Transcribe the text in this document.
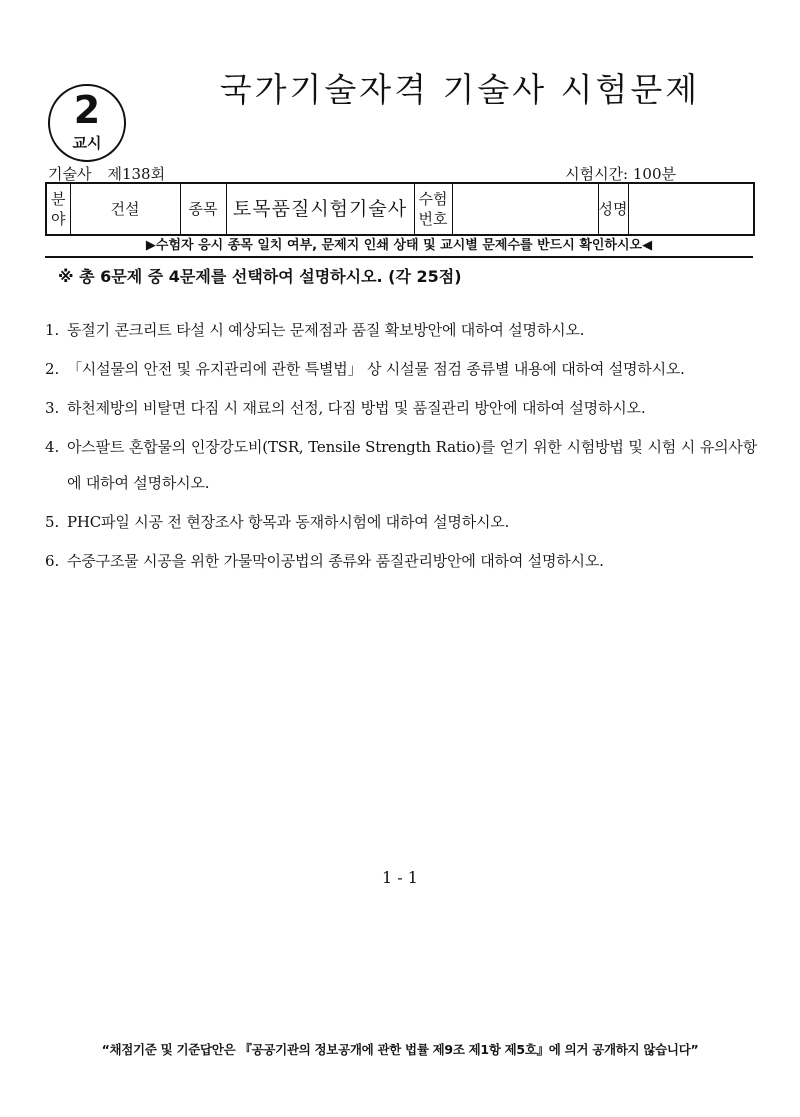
2
교시
국가기술자격 기술사 시험문제
기술사 제138회	시험시간: 100분
분야	건설	종목	토목품질시험기술사	수험번호		성명	
▶수험자 응시 종목 일치 여부, 문제지 인쇄 상태 및 교시별 문제수를 반드시 확인하시오◀
※ 총 6문제 중 4문제를 선택하여 설명하시오. (각 25점)
1. 동절기 콘크리트 타설 시 예상되는 문제점과 품질 확보방안에 대하여 설명하시오.
2. 「시설물의 안전 및 유지관리에 관한 특별법」 상 시설물 점검 종류별 내용에 대하여 설명하시오.
3. 하천제방의 비탈면 다짐 시 재료의 선정, 다짐 방법 및 품질관리 방안에 대하여 설명하시오.
4. 아스팔트 혼합물의 인장강도비(TSR, Tensile Strength Ratio)를 얻기 위한 시험방법 및 시험 시 유의사항에 대하여 설명하시오.
5. PHC파일 시공 전 현장조사 항목과 동재하시험에 대하여 설명하시오.
6. 수중구조물 시공을 위한 가물막이공법의 종류와 품질관리방안에 대하여 설명하시오.
1 - 1
“채점기준 및 기준답안은 『공공기관의 정보공개에 관한 법률 제9조 제1항 제5호』에 의거 공개하지 않습니다”
